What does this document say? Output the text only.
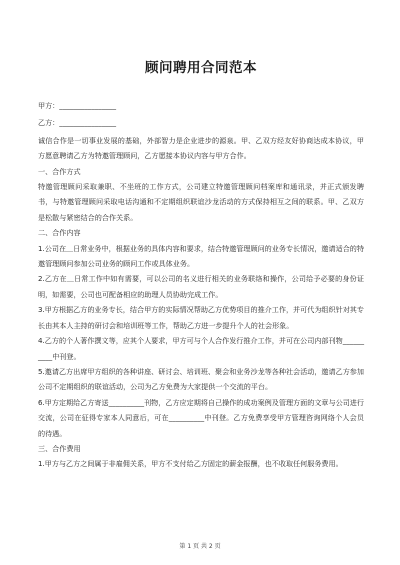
顾问聘用合同范本

甲方：________________

乙方：________________

诚信合作是一切事业发展的基础，外部智力是企业进步的源泉。甲、乙双方经友好协商达成本协议，甲方愿意聘请乙方为特邀管理顾问，乙方愿接本协议内容与甲方合作。

一、合作方式

特邀管理顾问采取兼职、不坐班的工作方式，公司建立特邀管理顾问档案库和通讯录，并正式颁发聘书，与特邀管理顾问采取电话沟通和不定期组织联谊沙龙活动的方式保持相互之间的联系。甲、乙双方是松散与紧密结合的合作关系。

二、合作内容

1.公司在＿日常业务中，根据业务的具体内容和要求，结合特邀管理顾问的业务专长情况，邀请适合的特邀管理顾问参加公司业务的顾问工作或具体业务。

2.乙方在＿日常工作中如有需要，可以公司的名义进行相关的业务联络和操作，公司给予必要的身份证明，如需要，公司也可配备相应的助理人员协助完成工作。

3.甲方根据乙方的业务专长，结合甲方的实际情况帮助乙方优势项目的推介工作，并可代为组织针对其专长由其本人主持的研讨会和培训班等工作，帮助乙方进一步提升个人的社会形象。

4.乙方的个人著作撰文等，应其个人要求，甲方可与个人合作发行推介工作，并可在公司内部刊物__________中刊登。

5.邀请乙方出席甲方组织的各种讲座、研讨会、培训班、聚会和业务沙龙等各种社会活动，邀请乙方参加公司不定期组织的联谊活动，公司为乙方免费为大家提供一个交流的平台。

6.甲方定期给乙方寄送__________刊物，乙方应定期将自己操作的成功案例及管理方面的文章与公司进行交流，公司在征得专家本人同意后，可在__________中刊登。乙方免费享受甲方管理咨询网络个人会员的待遇。

三、合作费用

1.甲方与乙方之间属于非雇佣关系，甲方不支付给乙方固定的薪金报酬，也不收取任何服务费用。

第 1 页 共 2 页
